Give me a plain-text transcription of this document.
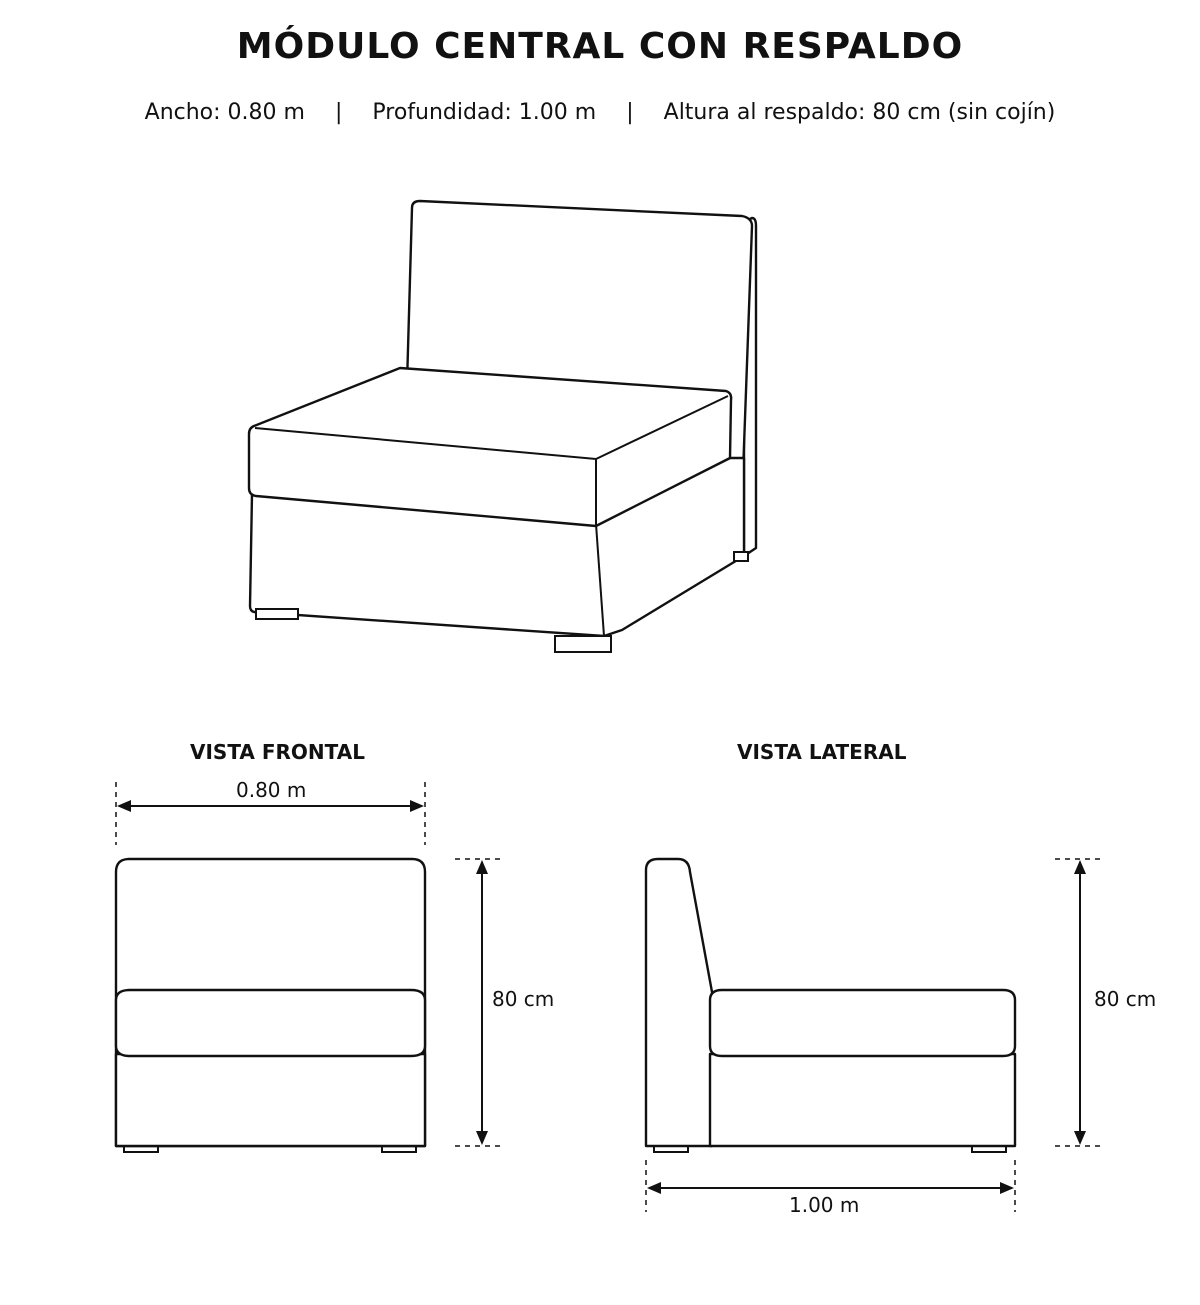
MÓDULO CENTRAL CON RESPALDO
Ancho: 0.80 m | Profundidad: 1.00 m | Altura al respaldo: 80 cm (sin cojín)
VISTA FRONTAL	VISTA LATERAL
0.80 m
80 cm	80 cm
1.00 m
